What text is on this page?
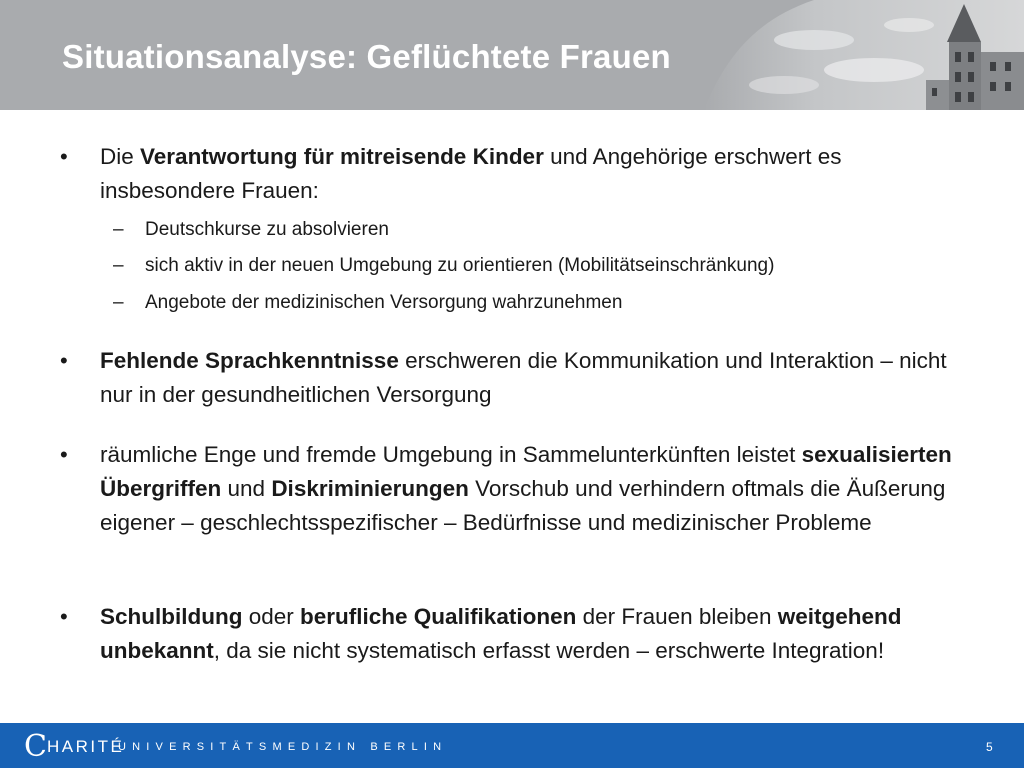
Situationsanalyse: Geflüchtete Frauen
• Die Verantwortung für mitreisende Kinder und Angehörige erschwert es insbesondere Frauen:
– Deutschkurse zu absolvieren
– sich aktiv in der neuen Umgebung zu orientieren (Mobilitätseinschränkung)
– Angebote der medizinischen Versorgung wahrzunehmen
• Fehlende Sprachkenntnisse erschweren die Kommunikation und Interaktion – nicht nur in der gesundheitlichen Versorgung
• räumliche Enge und fremde Umgebung in Sammelunterkünften leistet sexualisierten Übergriffen und Diskriminierungen Vorschub und verhindern oftmals die Äußerung eigener – geschlechtsspezifischer – Bedürfnisse und medizinischer Probleme
• Schulbildung oder berufliche Qualifikationen der Frauen bleiben weitgehend unbekannt, da sie nicht systematisch erfasst werden – erschwerte Integration!
CHARITÉ
UNIVERSITÄTSMEDIZIN BERLIN	5
